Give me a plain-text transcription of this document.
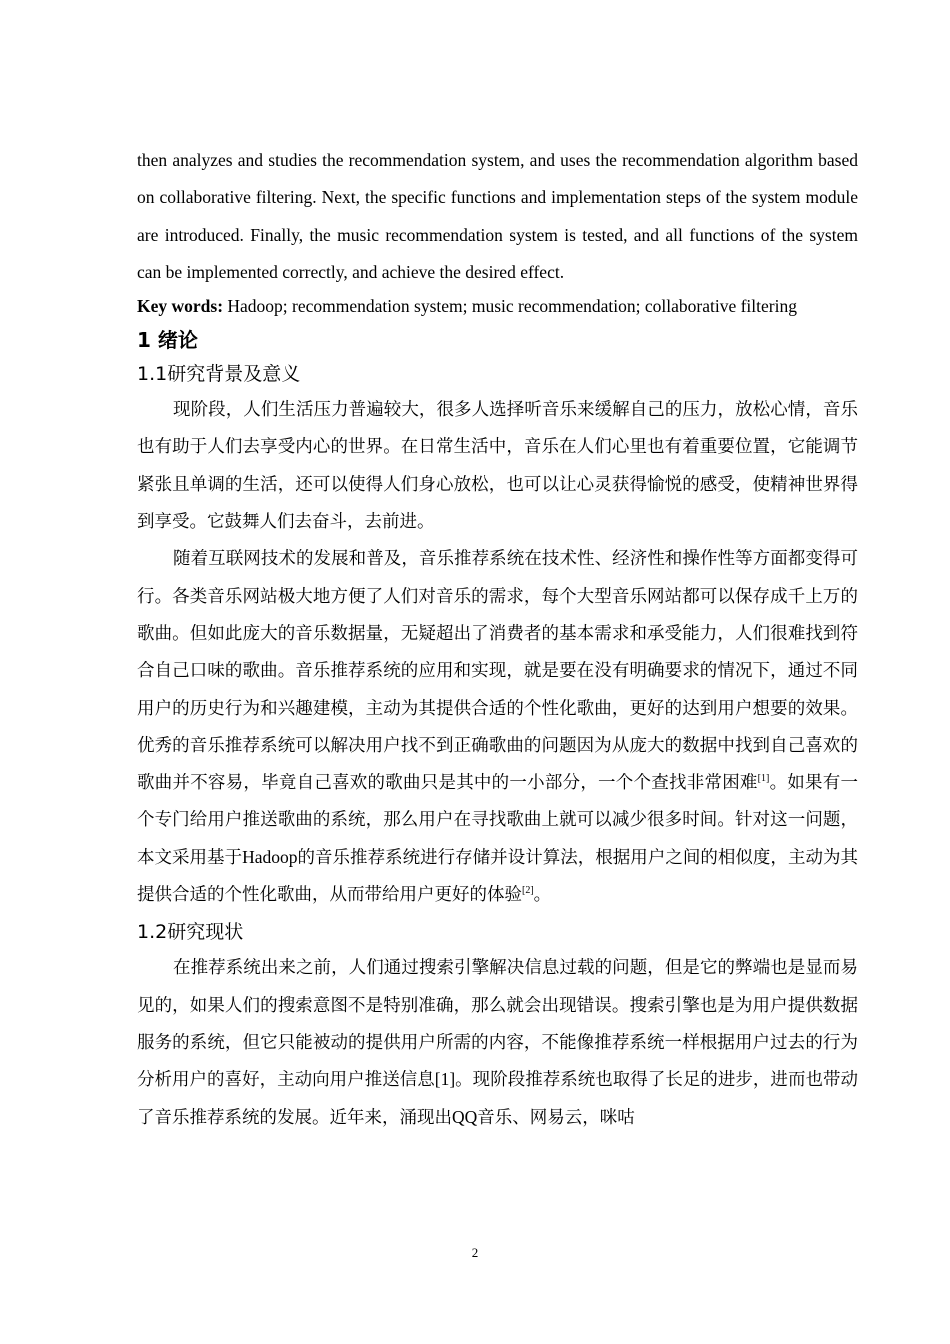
then analyzes and studies the recommendation system, and uses the recommendation algorithm based on collaborative filtering. Next, the specific functions and implementation steps of the system module are introduced. Finally, the music recommendation system is tested, and all functions of the system can be implemented correctly, and achieve the desired effect.

Key words: Hadoop; recommendation system; music recommendation; collaborative filtering

1 绪论
1.1研究背景及意义

现阶段，人们生活压力普遍较大，很多人选择听音乐来缓解自己的压力，放松心情，音乐也有助于人们去享受内心的世界。在日常生活中，音乐在人们心里也有着重要位置，它能调节紧张且单调的生活，还可以使得人们身心放松，也可以让心灵获得愉悦的感受，使精神世界得到享受。它鼓舞人们去奋斗，去前进。

随着互联网技术的发展和普及，音乐推荐系统在技术性、经济性和操作性等方面都变得可行。各类音乐网站极大地方便了人们对音乐的需求，每个大型音乐网站都可以保存成千上万的歌曲。但如此庞大的音乐数据量，无疑超出了消费者的基本需求和承受能力，人们很难找到符合自己口味的歌曲。音乐推荐系统的应用和实现，就是要在没有明确要求的情况下，通过不同用户的历史行为和兴趣建模，主动为其提供合适的个性化歌曲，更好的达到用户想要的效果。优秀的音乐推荐系统可以解决用户找不到正确歌曲的问题因为从庞大的数据中找到自己喜欢的歌曲并不容易，毕竟自己喜欢的歌曲只是其中的一小部分，一个个查找非常困难[1]。如果有一个专门给用户推送歌曲的系统，那么用户在寻找歌曲上就可以减少很多时间。针对这一问题，本文采用基于Hadoop的音乐推荐系统进行存储并设计算法，根据用户之间的相似度，主动为其提供合适的个性化歌曲，从而带给用户更好的体验[2]。

1.2研究现状

在推荐系统出来之前，人们通过搜索引擎解决信息过载的问题，但是它的弊端也是显而易见的，如果人们的搜索意图不是特别准确，那么就会出现错误。搜索引擎也是为用户提供数据服务的系统，但它只能被动的提供用户所需的内容，不能像推荐系统一样根据用户过去的行为分析用户的喜好，主动向用户推送信息[1]。现阶段推荐系统也取得了长足的进步，进而也带动了音乐推荐系统的发展。近年来，涌现出QQ音乐、网易云，咪咕

2
